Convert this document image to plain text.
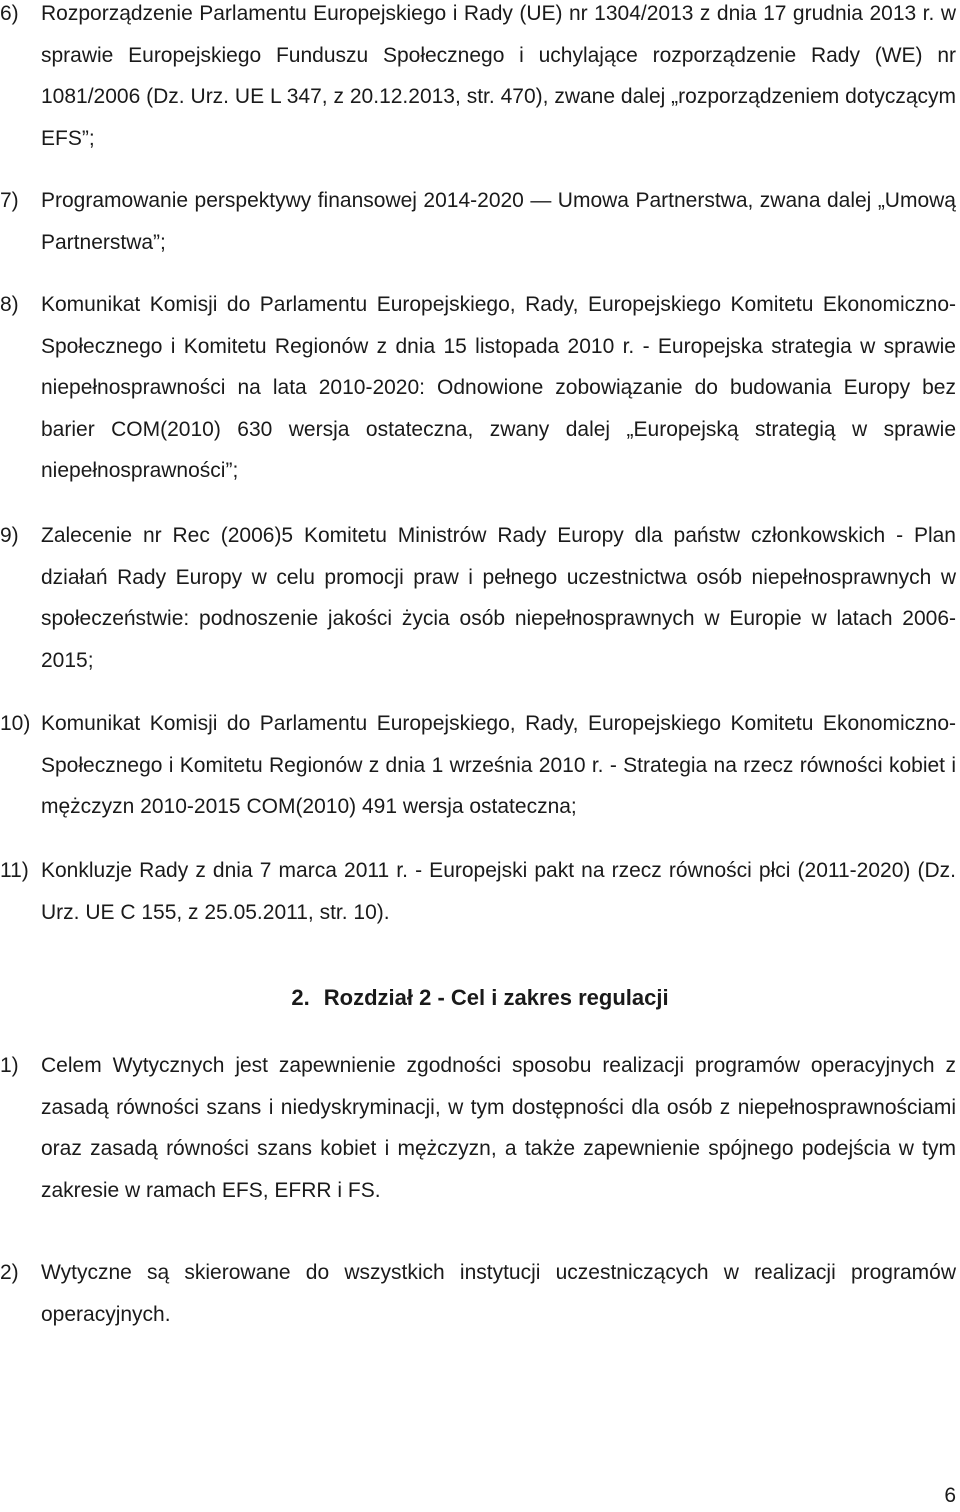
6) Rozporządzenie Parlamentu Europejskiego i Rady (UE) nr 1304/2013 z dnia 17 grudnia 2013 r. w sprawie Europejskiego Funduszu Społecznego i uchylające rozporządzenie Rady (WE) nr 1081/2006 (Dz. Urz. UE L 347, z 20.12.2013, str. 470), zwane dalej „rozporządzeniem dotyczącym EFS”;
7) Programowanie perspektywy finansowej 2014-2020 ― Umowa Partnerstwa, zwana dalej „Umową Partnerstwa”;
8) Komunikat Komisji do Parlamentu Europejskiego, Rady, Europejskiego Komitetu Ekonomiczno-Społecznego i Komitetu Regionów z dnia 15 listopada 2010 r. - Europejska strategia w sprawie niepełnosprawności na lata 2010-2020: Odnowione zobowiązanie do budowania Europy bez barier COM(2010) 630 wersja ostateczna, zwany dalej „Europejską strategią w sprawie niepełnosprawności”;
9) Zalecenie nr Rec (2006)5 Komitetu Ministrów Rady Europy dla państw członkowskich - Plan działań Rady Europy w celu promocji praw i pełnego uczestnictwa osób niepełnosprawnych w społeczeństwie: podnoszenie jakości życia osób niepełnosprawnych w Europie w latach 2006-2015;
10) Komunikat Komisji do Parlamentu Europejskiego, Rady, Europejskiego Komitetu Ekonomiczno-Społecznego i Komitetu Regionów z dnia 1 września 2010 r. - Strategia na rzecz równości kobiet i mężczyzn 2010-2015 COM(2010) 491 wersja ostateczna;
11) Konkluzje Rady z dnia 7 marca 2011 r. - Europejski pakt na rzecz równości płci (2011-2020) (Dz. Urz. UE C 155, z 25.05.2011, str. 10).
2. Rozdział 2 - Cel i zakres regulacji
1) Celem Wytycznych jest zapewnienie zgodności sposobu realizacji programów operacyjnych z zasadą równości szans i niedyskryminacji, w tym dostępności dla osób z niepełnosprawnościami oraz zasadą równości szans kobiet i mężczyzn, a także zapewnienie spójnego podejścia w tym zakresie w ramach EFS, EFRR i FS.
2) Wytyczne są skierowane do wszystkich instytucji uczestniczących w realizacji programów operacyjnych.
6
